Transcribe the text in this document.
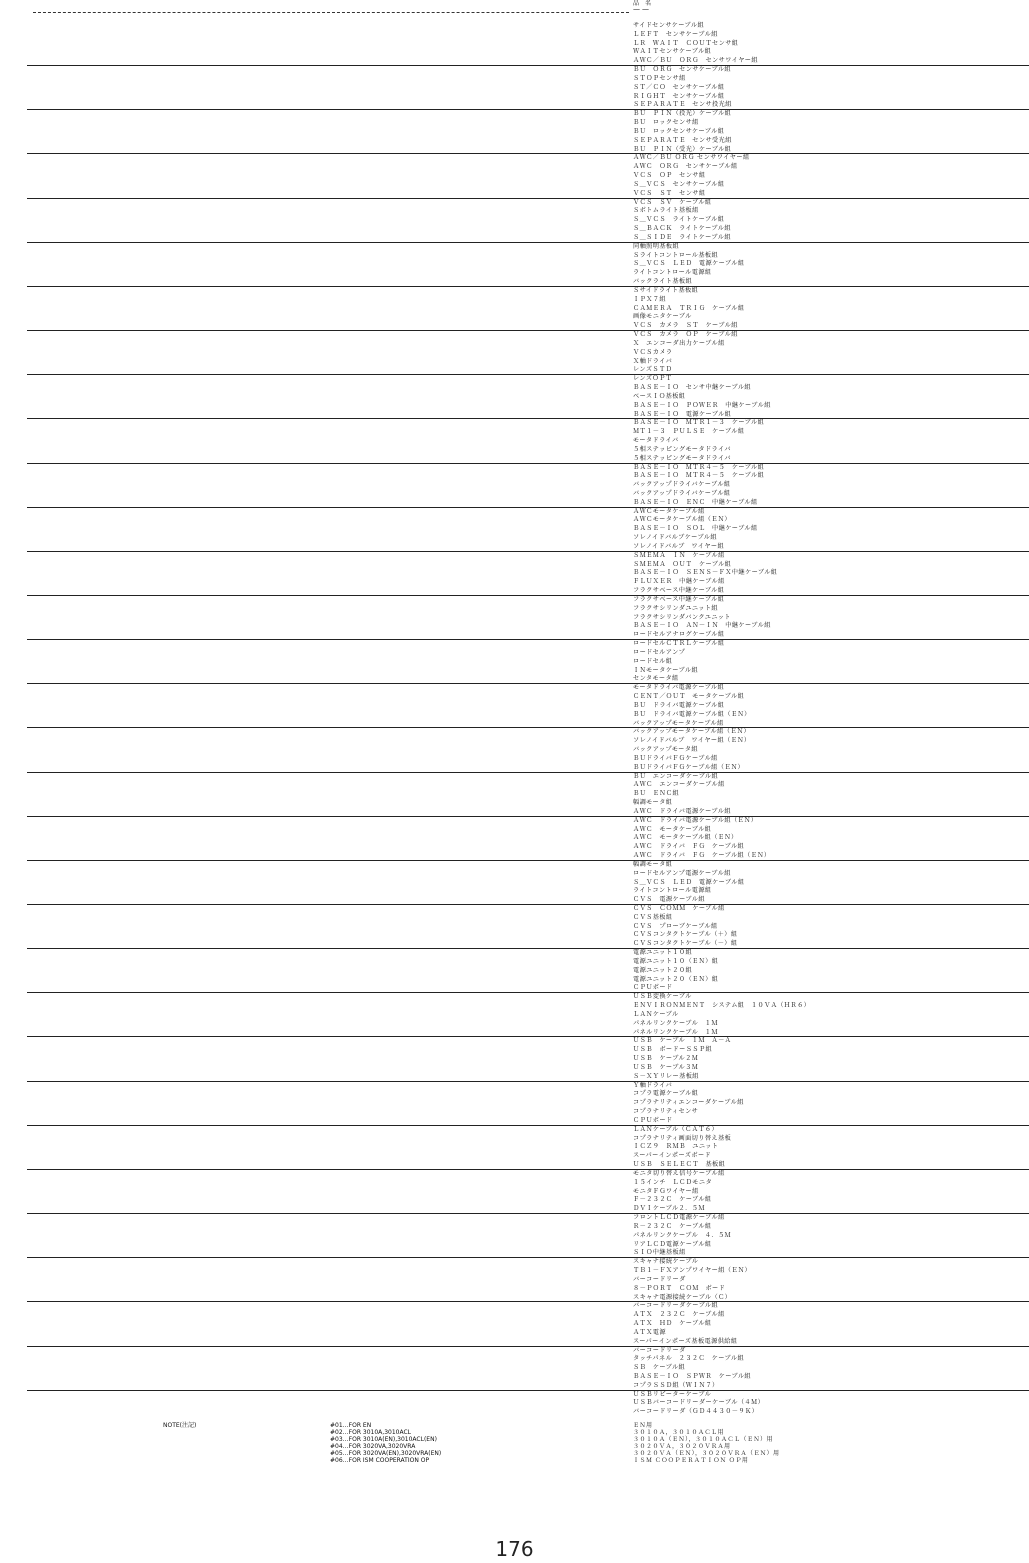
品　名
——
サイドセンサケーブル組
ＬＥＦＴ　センサケーブル組
ＬＲ　ＷＡＩＴ　ＣＯＵＴセンサ組
ＷＡＩＴセンサケーブル組
ＡＷＣ／ＢＵ　ＯＲＧ　センサワイヤー組
ＢＵ　ＯＲＧ　センサケーブル組
ＳＴＯＰセンサ組
ＳＴ／ＣＯ　センサケーブル組
ＲＩＧＨＴ　センサケーブル組
ＳＥＰＡＲＡＴＥ　センサ投光組
ＢＵ　ＰＩＮ（投光）ケーブル組
ＢＵ　ロックセンサ組
ＢＵ　ロックセンサケーブル組
ＳＥＰＡＲＡＴＥ　センサ受光組
ＢＵ　ＰＩＮ（受光）ケーブル組
ＡＷＣ／ＢＵ ＯＲＧ センサワイヤー組
ＡＷＣ　ＯＲＧ　センサケーブル組
ＶＣＳ　ＯＰ　センサ組
Ｓ＿ＶＣＳ　センサケーブル組
ＶＣＳ　ＳＴ　センサ組
ＶＣＳ　ＳＶ　ケーブル組
Ｓボトムライト基板組
Ｓ＿ＶＣＳ　ライトケーブル組
Ｓ＿ＢＡＣＫ　ライトケーブル組
Ｓ＿ＳＩＤＥ　ライトケーブル組
同軸照明基板組
Ｓライトコントロール基板組
Ｓ＿ＶＣＳ　ＬＥＤ　電源ケーブル組
ライトコントロール電源組
バックライト基板組
Ｓサイドライト基板組
ＩＰＸ７組
ＣＡＭＥＲＡ　ＴＲＩＧ　ケーブル組
画像モニタケーブル
ＶＣＳ　カメラ　ＳＴ　ケーブル組
ＶＣＳ　カメラ　ＯＰ　ケーブル組
Ｘ　エンコーダ出力ケーブル組
ＶＣＳカメラ
Ｘ軸ドライバ
レンズＳＴＤ
レンズＯＰＴ
ＢＡＳＥ－ＩＯ　センサ中継ケーブル組
ベースＩＯ基板組
ＢＡＳＥ－ＩＯ　ＰＯＷＥＲ　中継ケーブル組
ＢＡＳＥ－ＩＯ　電源ケーブル組
ＢＡＳＥ－ＩＯ　ＭＴＲ１－３　ケーブル組
ＭＴ１－３　ＰＵＬＳＥ　ケーブル組
モータドライバ
５相ステッピングモータドライバ
５相ステッピングモータドライバ
ＢＡＳＥ－ＩＯ　ＭＴＲ４－５　ケーブル組
ＢＡＳＥ－ＩＯ　ＭＴＲ４－５　ケーブル組
バックアップドライバケーブル組
バックアップドライバケーブル組
ＢＡＳＥ－ＩＯ　ＥＮＣ　中継ケーブル組
ＡＷＣモータケーブル組
ＡＷＣモータケーブル組（ＥＮ）
ＢＡＳＥ－ＩＯ　ＳＯＬ　中継ケーブル組
ソレノイドバルブケーブル組
ソレノイドバルブ　ワイヤー組
ＳＭＥＭＡ　ＩＮ　ケーブル組
ＳＭＥＭＡ　ＯＵＴ　ケーブル組
ＢＡＳＥ－ＩＯ　ＳＥＮＳ－ＦＸ中継ケーブル組
ＦＬＵＸＥＲ　中継ケーブル組
フラクサベース中継ケーブル組
フラクサベース中継ケーブル組
フラクサシリンダユニット組
フラクサシリンダバンクユニット
ＢＡＳＥ－ＩＯ　ＡＮ－ＩＮ　中継ケーブル組
ロードセルアナログケーブル組
ロードセルＣＴＲＬケーブル組
ロードセルアンプ
ロードセル組
ＩＮモータケーブル組
センタモータ組
モータドライバ電源ケーブル組
ＣＥＮＴ／ＯＵＴ　モータケーブル組
ＢＵ　ドライバ電源ケーブル組
ＢＵ　ドライバ電源ケーブル組（ＥＮ）
バックアップモータケーブル組
バックアップモータケーブル組（ＥＮ）
ソレノイドバルブ　ワイヤー組（ＥＮ）
バックアップモータ組
ＢＵドライバＦＧケーブル組
ＢＵドライバＦＧケーブル組（ＥＮ）
ＢＵ　エンコーダケーブル組
ＡＷＣ　エンコーダケーブル組
ＢＵ　ＥＮＣ組
幅調モータ組
ＡＷＣ　ドライバ電源ケーブル組
ＡＷＣ　ドライバ電源ケーブル組（ＥＮ）
ＡＷＣ　モータケーブル組
ＡＷＣ　モータケーブル組（ＥＮ）
ＡＷＣ　ドライバ　ＦＧ　ケーブル組
ＡＷＣ　ドライバ　ＦＧ　ケーブル組（ＥＮ）
幅調モータ組
ロードセルアンプ電源ケーブル組
Ｓ＿ＶＣＳ　ＬＥＤ　電源ケーブル組
ライトコントロール電源組
ＣＶＳ　電源ケーブル組
ＣＶＳ　ＣＯＭＭ　ケーブル組
ＣＶＳ基板組
ＣＶＳ　プローブケーブル組
ＣＶＳコンタクトケーブル（＋）組
ＣＶＳコンタクトケーブル（－）組
電源ユニット１０組
電源ユニット１０（ＥＮ）組
電源ユニット２０組
電源ユニット２０（ＥＮ）組
ＣＰＵボード
ＵＳＢ変換ケーブル
ＥＮＶＩＲＯＮＭＥＮＴ　システム組　１０ＶＡ（ＨＲ６）
ＬＡＮケーブル
パネルリンクケーブル　１Ｍ
パネルリンクケーブル　１Ｍ
ＵＳＢ　ケーブル　１Ｍ　Ａ－Ａ
ＵＳＢ　ボードーＳＳＰ組
ＵＳＢ　ケーブル２Ｍ
ＵＳＢ　ケーブル３Ｍ
Ｓ－ＸＹリレー基板組
Ｙ軸ドライバ
コプラ電源ケーブル組
コプラナリティエンコーダケーブル組
コプラナリティセンサ
ＣＰＵボード
ＬＡＮケーブル（ＣＡＴ６）
コプラナリティ画面切り替え基板
ＩＣＺ９　ＲＭＢ　ユニット
スーパーインポーズボード
ＵＳＢ　ＳＥＬＥＣＴ　基板組
モニタ切り替え信号ケーブル組
１５インチ　ＬＣＤモニタ
モニタＦＧワイヤー組
Ｆ－２３２Ｃ　ケーブル組
ＤＶＩケーブル２．５Ｍ
フロントＬＣＤ電源ケーブル組
Ｒ－２３２Ｃ　ケーブル組
パネルリンクケーブル　４．５Ｍ
リアＬＣＤ電源ケーブル組
ＳＩＯ中継基板組
スキャナ接続ケーブル
ＴＢ１－ＦＸアンプワイヤー組（ＥＮ）
バーコードリーダ
８－ＰＯＲＴ　ＣＯＭ　ボード
スキャナ電源接続ケーブル（Ｃ）
バーコードリーダケーブル組
ＡＴＸ　２３２Ｃ　ケーブル組
ＡＴＸ　ＨＤ　ケーブル組
ＡＴＸ電源
スーパーインポーズ基板電源供給組
バーコードリーダ
タッチパネル　２３２Ｃ　ケーブル組
ＳＢ　ケーブル組
ＢＡＳＥ－ＩＯ　ＳＰＷＲ　ケーブル組
コプラＳＳＤ組（ＷＩＮ７）
ＵＳＢリピーターケーブル
ＵＳＢバーコードリーダーケーブル（４Ｍ）
バーコードリーダ（ＧＤ４４３０－９Ｋ）
NOTE(注記)	#01…FOR EN
#02…FOR 3010A,3010ACL
#03…FOR 3010A(EN),3010ACL(EN)
#04…FOR 3020VA,3020VRA
#05…FOR 3020VA(EN),3020VRA(EN)
#06…FOR ISM COOPERATION OP
ＥＮ用
３０１０Ａ，３０１０ＡＣＬ用
３０１０Ａ（ＥＮ），３０１０ＡＣＬ（ＥＮ）用
３０２０ＶＡ，３０２０ＶＲＡ用
３０２０ＶＡ（ＥＮ），３０２０ＶＲＡ（ＥＮ）用
ＩＳＭ ＣＯＯＰＥＲＡＴＩＯＮ ＯＰ用
176
